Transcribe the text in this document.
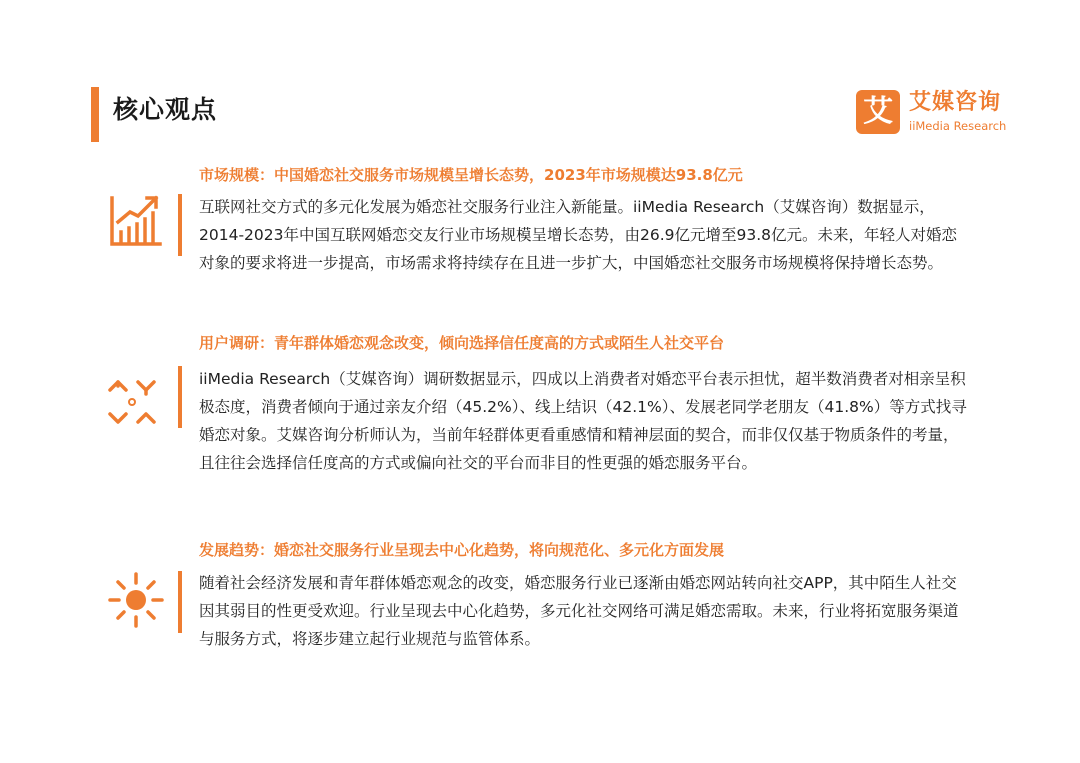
核心观点	艾 艾媒咨询
iiMedia Research
市场规模：中国婚恋社交服务市场规模呈增长态势，2023年市场规模达93.8亿元
互联网社交方式的多元化发展为婚恋社交服务行业注入新能量。iiMedia Research（艾媒咨询）数据显示，2014-2023年中国互联网婚恋交友行业市场规模呈增长态势，由26.9亿元增至93.8亿元。未来，年轻人对婚恋对象的要求将进一步提高，市场需求将持续存在且进一步扩大，中国婚恋社交服务市场规模将保持增长态势。
用户调研：青年群体婚恋观念改变，倾向选择信任度高的方式或陌生人社交平台
iiMedia Research（艾媒咨询）调研数据显示，四成以上消费者对婚恋平台表示担忧，超半数消费者对相亲呈积极态度，消费者倾向于通过亲友介绍（45.2%）、线上结识（42.1%）、发展老同学老朋友（41.8%）等方式找寻婚恋对象。艾媒咨询分析师认为，当前年轻群体更看重感情和精神层面的契合，而非仅仅基于物质条件的考量，且往往会选择信任度高的方式或偏向社交的平台而非目的性更强的婚恋服务平台。
发展趋势：婚恋社交服务行业呈现去中心化趋势，将向规范化、多元化方面发展
随着社会经济发展和青年群体婚恋观念的改变，婚恋服务行业已逐渐由婚恋网站转向社交APP，其中陌生人社交因其弱目的性更受欢迎。行业呈现去中心化趋势，多元化社交网络可满足婚恋需取。未来，行业将拓宽服务渠道与服务方式，将逐步建立起行业规范与监管体系。
